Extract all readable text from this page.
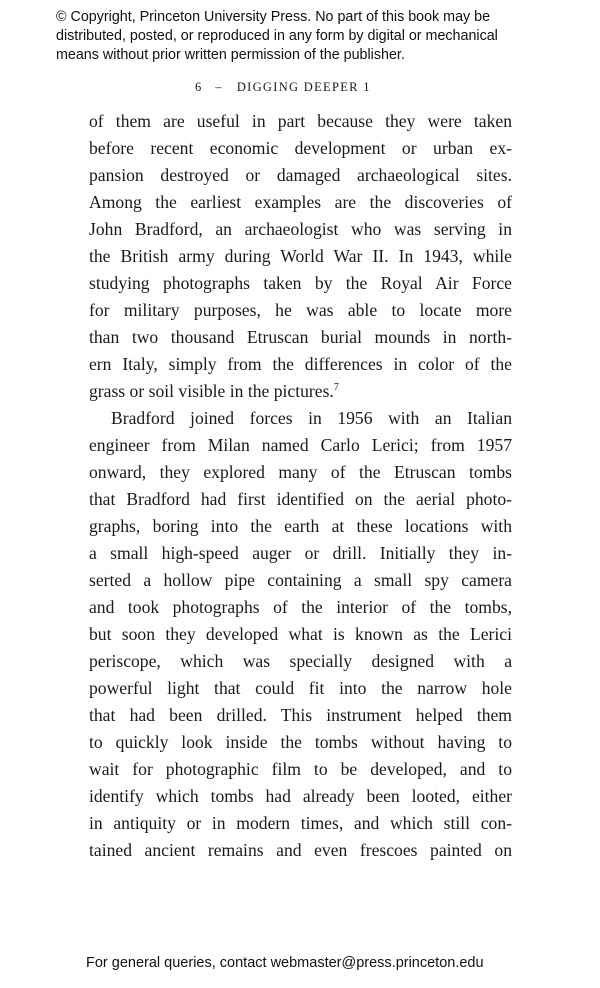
© Copyright, Princeton University Press. No part of this book may be
distributed, posted, or reproduced in any form by digital or mechanical
means without prior written permission of the publisher.
6 – DIGGING DEEPER 1
of them are useful in part because they were taken
before recent economic development or urban ex-
pansion destroyed or damaged archaeological sites.
Among the earliest examples are the discoveries of
John Bradford, an archaeologist who was serving in
the British army during World War II. In 1943, while
studying photographs taken by the Royal Air Force
for military purposes, he was able to locate more
than two thousand Etruscan burial mounds in north-
ern Italy, simply from the differences in color of the
grass or soil visible in the pictures.$^7$
Bradford joined forces in 1956 with an Italian
engineer from Milan named Carlo Lerici; from 1957
onward, they explored many of the Etruscan tombs
that Bradford had first identified on the aerial photo-
graphs, boring into the earth at these locations with
a small high-speed auger or drill. Initially they in-
serted a hollow pipe containing a small spy camera
and took photographs of the interior of the tombs,
but soon they developed what is known as the Lerici
periscope, which was specially designed with a
powerful light that could fit into the narrow hole
that had been drilled. This instrument helped them
to quickly look inside the tombs without having to
wait for photographic film to be developed, and to
identify which tombs had already been looted, either
in antiquity or in modern times, and which still con-
tained ancient remains and even frescoes painted on
For general queries, contact webmaster@press.princeton.edu
